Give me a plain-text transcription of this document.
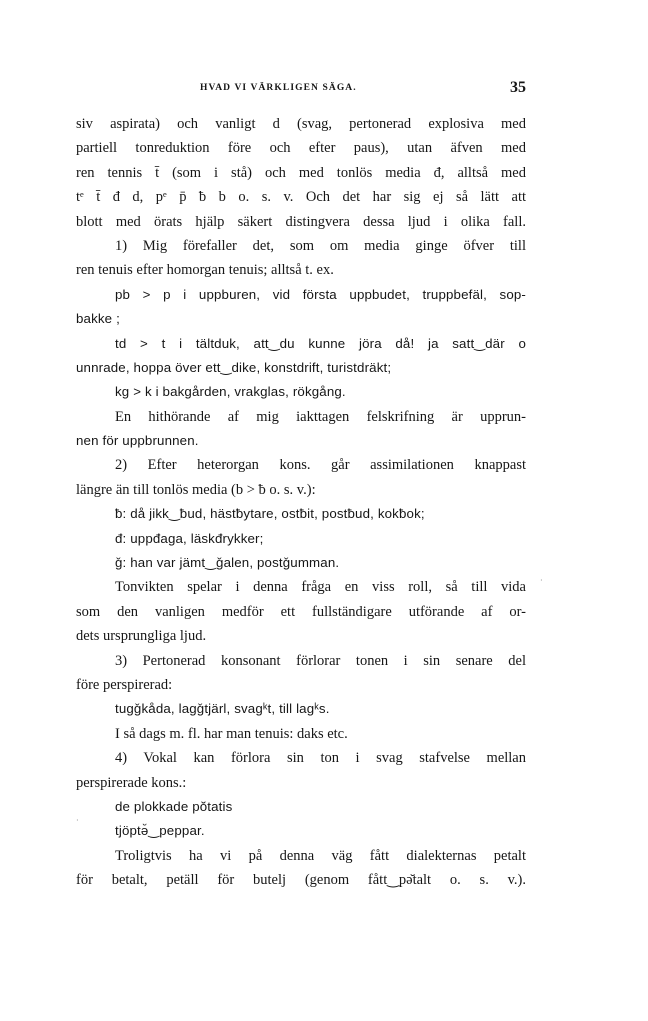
HVAD VI VÄRKLIGEN SÄGA.	35
siv aspirata) och vanligt d (svag, pertonerad explosiva med
partiell tonreduktion före och efter paus), utan äfven med
ren tennis t̄ (som i stå) och med tonlös media đ, alltså med
tᵉ t̄ đ d, pᵉ p̄ ƀ b o. s. v. Och det har sig ej så lätt att
blott med örats hjälp säkert distingvera dessa ljud i olika fall.
1) Mig förefaller det, som om media ginge öfver till
ren tenuis efter homorgan tenuis; alltså t. ex.
pb > p i uppburen, vid första uppbudet, truppbefäl, sop-
bakke ;
td > t i tältduk, att‿du kunne jöra då! ja satt‿där o
unnrade, hoppa över ett‿dike, konstdrift, turistdräkt;
kg > k i bakgården, vrakglas, rökgång.
En hithörande af mig iakttagen felskrifning är upprun-
nen för uppbrunnen.
2) Efter heterorgan kons. går assimilationen knappast
längre än till tonlös media (b > ƀ o. s. v.):
ƀ: då jikk‿ƀud, hästƀytare, ostƀit, postƀud, kokƀok;
đ: uppđaga, läskđrykker;
ǧ: han var jämt‿ǧalen, postǧumman.
Tonvikten spelar i denna fråga en viss roll, så till vida
som den vanligen medför ett fullständigare utförande af or-
dets ursprungliga ljud.
3) Pertonerad konsonant förlorar tonen i sin senare del
före perspirerad:
tugǧkåda, lagǧtjärl, svagᵏt, till lagᵏs.
I så dags m. fl. har man tenuis: daks etc.
4) Vokal kan förlora sin ton i svag stafvelse mellan
perspirerade kons.:
de plokkade pŏtatis
tjöptə̆‿peppar.
Troligtvis ha vi på denna väg fått dialekternas petalt
för betalt, petäll för butelj (genom fått‿pə̆talt o. s. v.).
·
·
